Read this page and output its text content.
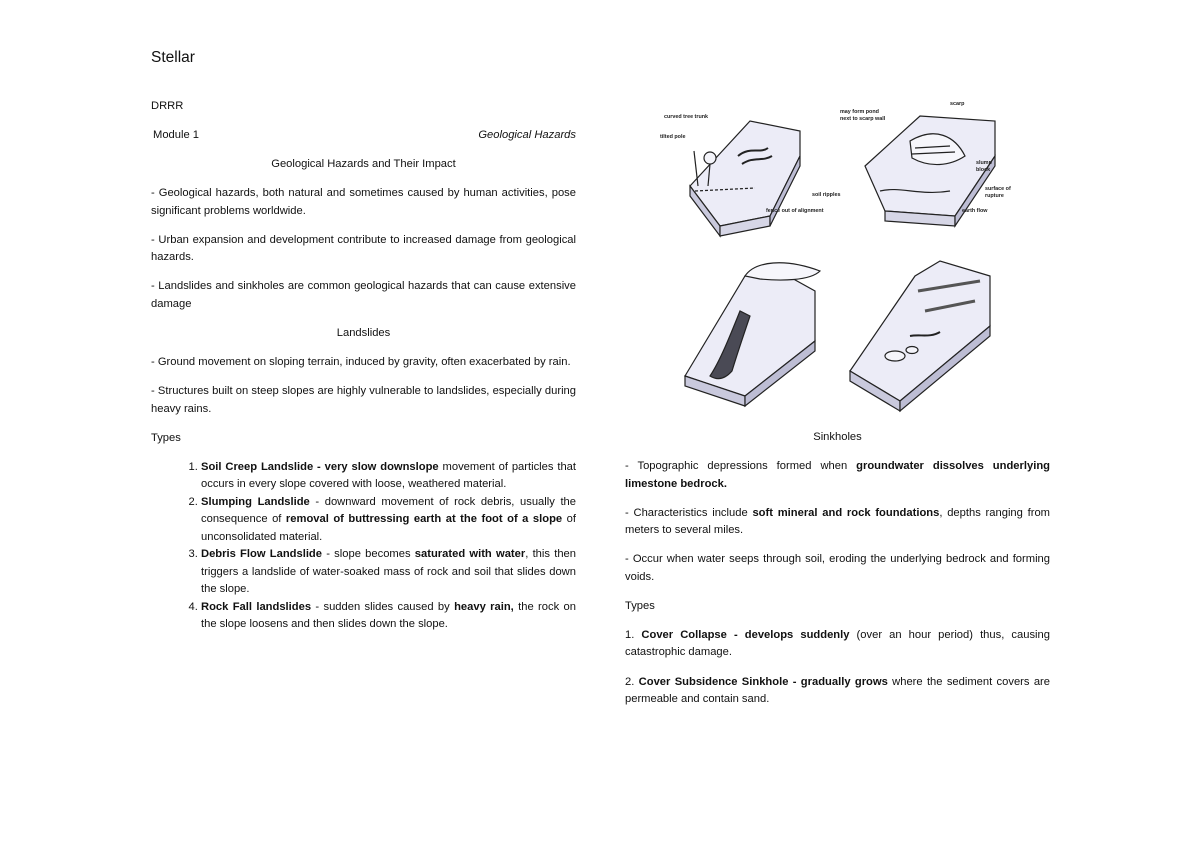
Stellar
DRRR
Module 1	Geological Hazards
Geological Hazards and Their Impact
- Geological hazards, both natural and sometimes caused by human activities, pose significant problems worldwide.
- Urban expansion and development contribute to increased damage from geological hazards.
- Landslides and sinkholes are common geological hazards that can cause extensive damage
Landslides
- Ground movement on sloping terrain, induced by gravity, often exacerbated by rain.
- Structures built on steep slopes are highly vulnerable to landslides, especially during heavy rains.
Types
1. Soil Creep Landslide - very slow downslope movement of particles that occurs in every slope covered with loose, weathered material.
2. Slumping Landslide - downward movement of rock debris, usually the consequence of removal of buttressing earth at the foot of a slope of unconsolidated material.
3. Debris Flow Landslide - slope becomes saturated with water, this then triggers a landslide of water-soaked mass of rock and soil that slides down the slope.
4. Rock Fall landslides - sudden slides caused by heavy rain, the rock on the slope loosens and then slides down the slope.
curved tree trunk
tilted pole
soil ripples
fence out of alignment
may form pond
next to scarp wall
scarp
slump
block
surface of
rupture
earth flow
Sinkholes
- Topographic depressions formed when groundwater dissolves underlying limestone bedrock.
- Characteristics include soft mineral and rock foundations, depths ranging from meters to several miles.
- Occur when water seeps through soil, eroding the underlying bedrock and forming voids.
Types
1. Cover Collapse - develops suddenly (over an hour period) thus, causing catastrophic damage.
2. Cover Subsidence Sinkhole - gradually grows where the sediment covers are permeable and contain sand.
